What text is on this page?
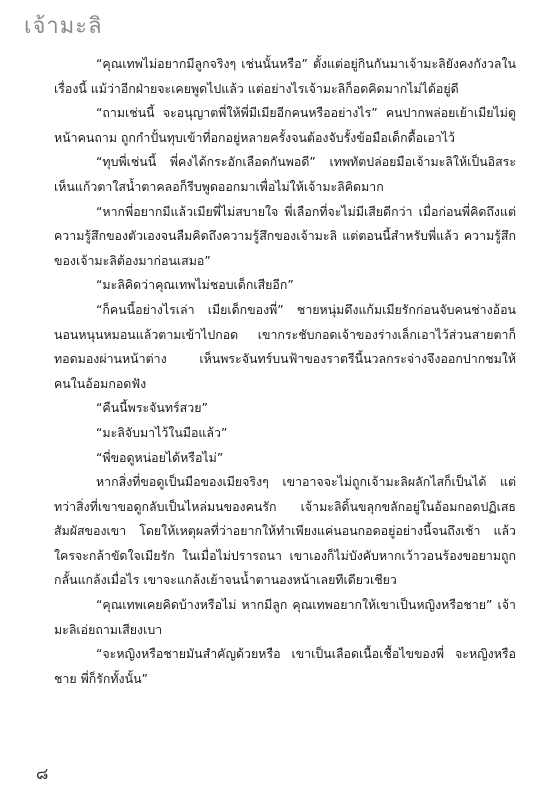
เจ้ามะลิ

“คุณเทพไม่อยากมีลูกจริงๆ เช่นนั้นหรือ” ตั้งแต่อยู่กินกันมาเจ้ามะลิยังคงกังวลในเรื่องนี้ แม้ว่าอีกฝ่ายจะเคยพูดไปแล้ว แต่อย่างไรเจ้ามะลิก็อดคิดมากไม่ได้อยู่ดี

“ถามเช่นนี้ จะอนุญาตพี่ให้พี่มีเมียอีกคนหรืออย่างไร” คนปากพล่อยเย้าเมียไม่ดูหน้าคนถาม ถูกกำปั้นทุบเข้าที่อกอยู่หลายครั้งจนต้องจับรั้งข้อมือเด็กดื้อเอาไว้

“ทุบพี่เช่นนี้ พี่คงได้กระอักเลือดกันพอดี” เทพทัตปล่อยมือเจ้ามะลิให้เป็นอิสระ เห็นแก้วตาใสน้ำตาคลอก็รีบพูดออกมาเพื่อไม่ให้เจ้ามะลิคิดมาก

“หากพี่อยากมีแล้วเมียพี่ไม่สบายใจ พี่เลือกที่จะไม่มีเสียดีกว่า เมื่อก่อนพี่คิดถึงแต่ความรู้สึกของตัวเองจนลืมคิดถึงความรู้สึกของเจ้ามะลิ แต่ตอนนี้สำหรับพี่แล้ว ความรู้สึกของเจ้ามะลิต้องมาก่อนเสมอ”

“มะลิคิดว่าคุณเทพไม่ชอบเด็กเสียอีก”

“ก็คนนี้อย่างไรเล่า เมียเด็กของพี่” ชายหนุ่มดึงแก้มเมียรักก่อนจับคนช่างอ้อนนอนหนุนหมอนแล้วตามเข้าไปกอด เขากระชับกอดเจ้าของร่างเล็กเอาไว้ส่วนสายตาก็ทอดมองผ่านหน้าต่าง เห็นพระจันทร์บนฟ้าของราตรีนี้นวลกระจ่างจึงออกปากชมให้คนในอ้อมกอดฟัง

“คืนนี้พระจันทร์สวย”

“มะลิจับมาไว้ในมือแล้ว”

“พี่ขอดูหน่อยได้หรือไม่”

หากสิ่งที่ขอดูเป็นมือของเมียจริงๆ เขาอาจจะไม่ถูกเจ้ามะลิผลักไสก็เป็นได้ แต่ทว่าสิ่งที่เขาขอดูกลับเป็นไหล่มนของคนรัก เจ้ามะลิดิ้นขลุกขลักอยู่ในอ้อมกอดปฏิเสธสัมผัสของเขา โดยให้เหตุผลที่ว่าอยากให้ทำเพียงแค่นอนกอดอยู่อย่างนี้จนถึงเช้า แล้วใครจะกล้าขัดใจเมียรัก ในเมื่อไม่ปรารถนา เขาเองก็ไม่บังคับหากเว้าวอนร้องขอยามถูกกลั้นแกล้งเมื่อไร เขาจะแกล้งเย้าจนน้ำตานองหน้าเลยทีเดียวเชียว

“คุณเทพเคยคิดบ้างหรือไม่ หากมีลูก คุณเทพอยากให้เขาเป็นหญิงหรือชาย” เจ้ามะลิเอ่ยถามเสียงเบา

“จะหญิงหรือชายมันสำคัญด้วยหรือ เขาเป็นเลือดเนื้อเชื้อไขของพี่ จะหญิงหรือชาย พี่ก็รักทั้งนั้น”

๘
